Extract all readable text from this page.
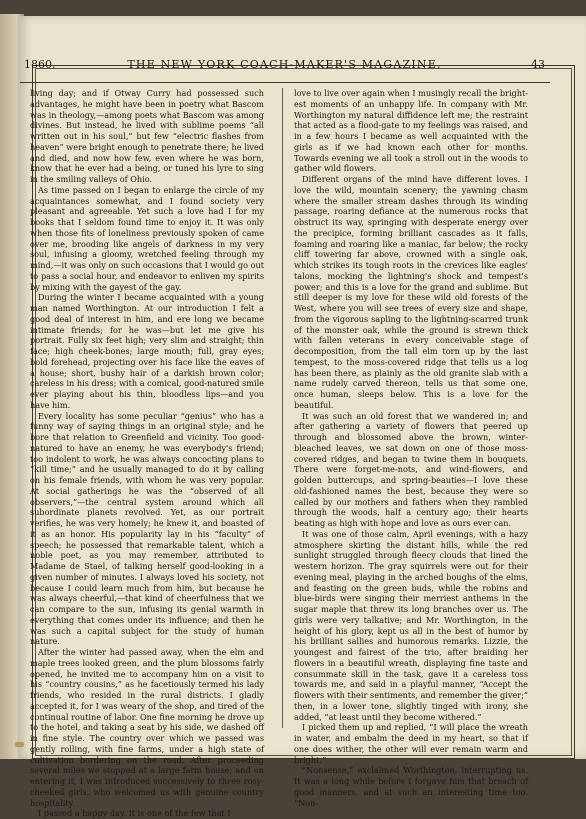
1860.	THE NEW YORK COACH-MAKER'S MAGAZINE.	43

living day; and if Otway Curry had possessed such advantages, he might have been in poetry what Bascom was in theology,—among poets what Bascom was among divines. But instead, he lived with sublime poems “all written out in his soul,” but few “electric flashes from heaven” were bright enough to penetrate there; he lived and died, and now how few, even where he was born, know that he ever had a being, or tuned his lyre to sing in the smiling valleys of Ohio.

As time passed on I began to enlarge the circle of my acquaintances somewhat, and I found society very pleasant and agreeable. Yet such a love had I for my books that I seldom found time to enjoy it. It was only when those fits of loneliness previously spoken of came over me, brooding like angels of darkness in my very soul, infusing a gloomy, wretched feeling through my mind,—it was only on such occasions that I would go out to pass a social hour, and endeavor to enliven my spirits by mixing with the gayest of the gay.

During the winter I became acquainted with a young man named Worthington. At our introduction I felt a good deal of interest in him, and ere long we became intimate friends; for he was—but let me give his portrait. Fully six feet high; very slim and straight; thin face; high cheek-bones; large mouth; full, gray eyes; bold forehead, projecting over his face like the eaves of a house; short, bushy hair of a darkish brown color; careless in his dress; with a comical, good-natured smile ever playing about his thin, bloodless lips—and you have him.

Every locality has some peculiar “genius” who has a funny way of saying things in an original style; and he bore that relation to Greenfield and vicinity. Too good-natured to have an enemy, he was everybody's friend; too indolent to work, he was always concocting plans to “kill time;” and he usually managed to do it by calling on his female friends, with whom he was very popular. At social gatherings he was the “observed of all observers,”—the central system around which all subordinate planets revolved. Yet, as our portrait verifies, he was very homely; he knew it, and boasted of it as an honor. His popularity lay in his “faculty” of speech; he possessed that remarkable talent, which a noble poet, as you may remember, attributed to Madame de Stael, of talking herself good-looking in a given number of minutes. I always loved his society, not because I could learn much from him, but because he was always cheerful,—that kind of cheerfulness that we can compare to the sun, infusing its genial warmth in everything that comes under its influence; and then he was such a capital subject for the study of human nature.

After the winter had passed away, when the elm and maple trees looked green, and the plum blossoms fairly opened, he invited me to accompany him on a visit to his “country cousins,” as he facetiously termed his lady friends, who resided in the rural districts. I gladly accepted it, for I was weary of the shop, and tired of the continual routine of labor. One fine morning he drove up to the hotel, and taking a seat by his side, we dashed off in fine style. The country over which we passed was gently rolling, with fine farms, under a high state of cultivation bordering on the road. After proceeding several miles we stopped at a large farm house; and on entering it, I was introduced successively to three rosy-cheeked girls, who welcomed us with genuine country hospitality.

I passed a happy day. It is one of the few that I

love to live over again when I musingly recall the bright-est moments of an unhappy life. In company with Mr. Worthington my natural diffidence left me; the restraint that acted as a flood-gate to my feelings was raised, and in a few hours I became as well acquainted with the girls as if we had known each other for months. Towards evening we all took a stroll out in the woods to gather wild flowers.

Different organs of the mind have different loves. I love the wild, mountain scenery; the yawning chasm where the smaller stream dashes through its winding passage, roaring defiance at the numerous rocks that obstruct its way, springing with desperate energy over the precipice, forming brilliant cascades as it falls, foaming and roaring like a maniac, far below; the rocky cliff towering far above, crowned with a single oak, which strikes its tough roots in the crevices like eagles' talons, mocking the lightning's shock and tempest's power; and this is a love for the grand and sublime. But still deeper is my love for these wild old forests of the West, where you will see trees of every size and shape, from the vigorous sapling to the lightning-scarred trunk of the monster oak, while the ground is strewn thick with fallen veterans in every conceivable stage of decomposition, from the tall elm torn up by the last tempest, to the moss-covered ridge that tells us a log has been there, as plainly as the old granite slab with a name rudely carved thereon, tells us that some one, once human, sleeps below. This is a love for the beautiful.

It was such an old forest that we wandered in; and after gathering a variety of flowers that peered up through and blossomed above the brown, winter-bleached leaves, we sat down on one of those moss-covered ridges, and began to twine them in bouquets. There were forget-me-nots, and wind-flowers, and golden buttercups, and spring-beauties—I love these old-fashioned names the best, because they were so called by our mothers and fathers when they rambled through the woods, half a century ago; their hearts beating as high with hope and love as ours ever can.

It was one of those calm, April evenings, with a hazy atmosphere skirting the distant hills, while the red sunlight struggled through fleecy clouds that lined the western horizon. The gray squirrels were out for their evening meal, playing in the arched boughs of the elms, and feasting on the green buds, while the robins and blue-birds were singing their merriest anthems in the sugar maple that threw its long branches over us. The girls were very talkative; and Mr. Worthington, in the height of his glory, kept us all in the best of humor by his brilliant sallies and humorous remarks. Lizzie, the youngest and fairest of the trio, after braiding her flowers in a beautiful wreath, displaying fine taste and consummate skill in the task, gave it a careless toss towards me, and said in a playful manner, “Accept the flowers with their sentiments, and remember the giver;” then, in a lower tone, slightly tinged with irony, she added, “at least until they become withered.”

I picked them up and replied, “I will place the wreath in water, and embalm the deed in my heart, so that if one does wither, the other will ever remain warm and bright.”

“Nonsense,” exclaimed Worthington, interrupting us. It was a long while before I forgave him that breach of good manners, and at such an interesting time too. “Non-
